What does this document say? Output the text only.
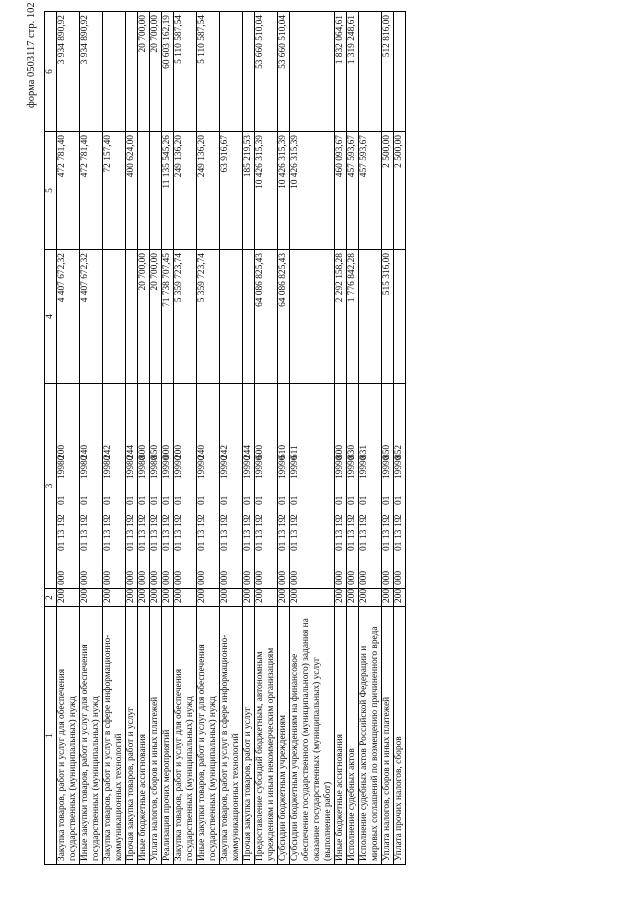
форма 0503117 стр. 102
1	2	3	4	5	6
Закупка товаров, работ и услуг для обеспечения государственных (муниципальных) нужд	200	00001131920119980200	4 407 672,32	472 781,40	3 934 890,92
Иные закупки товаров, работ и услуг для обеспечения государственных (муниципальных) нужд	200	00001131920119980240	4 407 672,32	472 781,40	3 934 890,92
Закупка товаров, работ и услуг в сфере информационно-коммуникационных технологий	200	00001131920119980242		72 157,40	
Прочая закупка товаров, работ и услуг	200	00001131920119980244		400 624,00	
Иные бюджетные ассигнования	200	00001131920119980800	20 700,00		20 700,00
Уплата налогов, сборов и иных платежей	200	00001131920119980850	20 700,00		20 700,00
Реализация прочих мероприятий	200	00001131920119990000	71 738 707,45	11 135 545,26	60 603 162,19
Закупка товаров, работ и услуг для обеспечения государственных (муниципальных) нужд	200	00001131920119990200	5 359 723,74	249 136,20	5 110 587,54
Иные закупки товаров, работ и услуг для обеспечения государственных (муниципальных) нужд	200	00001131920119990240	5 359 723,74	249 136,20	5 110 587,54
Закупка товаров, работ и услуг в сфере информационно-коммуникационных технологий	200	00001131920119990242		63 916,67	
Прочая закупка товаров, работ и услуг	200	00001131920119990244		185 219,53	
Предоставление субсидий бюджетным, автономным учреждениям и иным некоммерческим организациям	200	00001131920119990600	64 086 825,43	10 426 315,39	53 660 510,04
Субсидии бюджетным учреждениям	200	00001131920119990610	64 086 825,43	10 426 315,39	53 660 510,04
Субсидии бюджетным учреждениям на финансовое обеспечение государственного (муниципального) задания на оказание государственных (муниципальных) услуг (выполнение работ)	200	00001131920119990611		10 426 315,39	
Иные бюджетные ассигнования	200	00001131920119990800	2 292 158,28	460 093,67	1 832 064,61
Исполнение судебных актов	200	00001131920119990830	1 776 842,28	457 593,67	1 319 248,61
Исполнение судебных актов Российской Федерации и мировых соглашений по возмещению причиненного вреда	200	00001131920119990831		457 593,67	
Уплата налогов, сборов и иных платежей	200	00001131920119990850	515 316,00	2 500,00	512 816,00
Уплата прочих налогов, сборов	200	00001131920119990852		2 500,00	
